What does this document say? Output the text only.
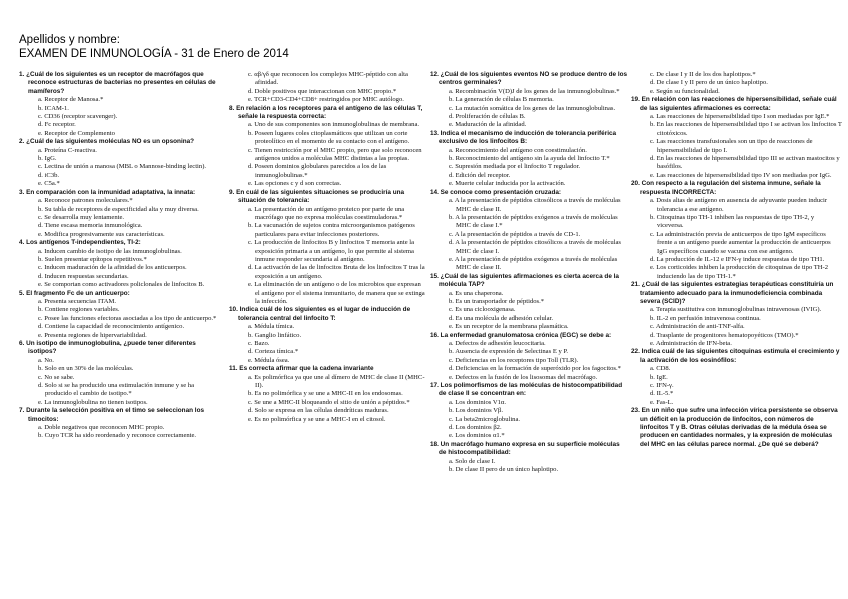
Apellidos y nombre:
EXAMEN DE INMUNOLOGÍA - 31 de Enero de 2014
1. ¿Cuál de los siguientes es un receptor de macrófagos que reconoce estructuras de bacterias no presentes en células de mamíferos?
a. Receptor de Manosa.*
b. ICAM-1.
c. CD36 (receptor scavenger).
d. Fc receptor.
e. Receptor de Complemento
2. ¿Cuál de las siguientes moléculas NO es un opsonina?
a. Proteína C-reactiva.
b. IgG.
c. Lectina de unión a manosa (MBL o Mannose-binding lectin).
d. iC3b.
e. C5a.*
3. En comparación con la inmunidad adaptativa, la innata:
a. Reconoce patrones moleculares.*
b. Su tabla de receptores de especificidad alta y muy diversa.
c. Se desarrolla muy lentamente.
d. Tiene escasa memoria inmunológica.
e. Modifica progresivamente sus características.
4. Los antígenos T-independientes, TI-2:
a. Inducen cambio de isotipo de las inmunoglobulinas.
b. Suelen presentar epítopos repetitivos.*
c. Inducen maduración de la afinidad de los anticuerpos.
d. Inducen respuestas secundarias.
e. Se comportan como activadores policlonales de linfocitos B.
5. El fragmento Fc de un anticuerpo:
a. Presenta secuencias ITAM.
b. Contiene regiones variables.
c. Posee las funciones efectoras asociadas a los tipo de anticuerpo.*
d. Contiene la capacidad de reconocimiento antígenico.
e. Presenta regiones de hipervariabilidad.
6. Un isotipo de inmunoglobulina, ¿puede tener diferentes isotipos?
a. No.
b. Solo en un 30% de las moléculas.
c. No se sabe.
d. Solo si se ha producido una estimulación inmune y se ha producido el cambio de isotipo.*
e. La inmunoglobulina no tienen isotipos.
7. Durante la selección positiva en el timo se seleccionan los timocitos:
a. Doble negativos que reconocen MHC propio.
b. Cuyo TCR ha sido reordenado y reconoce correctamente.
c. αβ/γδ que reconocen los complejos MHC-péptido con alta afinidad.
d. Doble positivos que interaccionan con MHC propio.*
e. TCR+CD3-CD4+CD8+ restringidos por MHC autólogo.
8. En relación a los receptores para el antígeno de las células T, señale la respuesta correcta:
a. Uno de sus componentes son inmunoglobulinas de membrana.
b. Poseen lugares coles citoplasmáticos que utilizan un corte proteolítico en el momento de su contacto con el antígeno.
c. Tienen restricción por el MHC propio, pero que solo reconocen antígenos unidos a moléculas MHC distintas a las propias.
d. Poseen dominios globulares parecidos a los de las inmunoglobulinas.*
e. Las opciones c y d son correctas.
9. En cuál de las siguientes situaciones se produciría una situación de tolerancia:
a. La presentación de un antígeno proteico por parte de una macrófago que no expresa moléculas coestimuladoras.*
b. La vacunación de sujetos contra microorganismos patógenos particulares para evitar infecciones posteriores.
c. La producción de linfocitos B y linfocitos T memoria ante la exposición primaria a un antígeno, lo que permite al sistema inmune responder secundaria al antígeno.
d. La activación de las de linfocitos Bruta de los linfocitos T tras la exposición a un antígeno.
e. La eliminación de un antígeno o de los microbios que expresan el antígeno por el sistema inmunitario, de manera que se extinga la infección.
10. Indica cuál de los siguientes es el lugar de inducción de tolerancia central del linfocito T:
a. Médula tímica.
b. Ganglio linfático.
c. Bazo.
d. Corteza tímica.*
e. Médula ósea.
11. Es correcta afirmar que la cadena invariante
a. Es polimórfica ya que une al dímero de MHC de clase II (MHC-II).
b. Es no polimórfica y se une a MHC-II en los endosomas.
c. Se une a MHC-II bloqueando el sitio de unión a péptidos.*
d. Solo se expresa en las células dendríticas maduras.
e. Es no polimórfica y se une a MHC-I en el citosol.
12. ¿Cuál de los siguientes eventos NO se produce dentro de los centros germinales?
a. Recombinación V(D)J de los genes de las inmunoglobulinas.*
b. La generación de células B memoria.
c. La mutación somática de los genes de las inmunoglobulinas.
d. Proliferación de células B.
e. Maduración de la afinidad.
13. Indica el mecanismo de inducción de tolerancia periférica exclusivo de los linfocitos B:
a. Reconocimiento del antígeno con coestimulación.
b. Reconocimiento del antígeno sin la ayuda del linfocito T.*
c. Supresión mediada por el linfocito T regulador.
d. Edición del receptor.
e. Muerte celular inducida por la activación.
14. Se conoce como presentación cruzada:
a. A la presentación de péptidos citosólicos a través de moléculas MHC de clase II.
b. A la presentación de péptidos exógenos a través de moléculas MHC de clase I.*
c. A la presentación de péptidos a través de CD-1.
d. A la presentación de péptidos citosólicos a través de moléculas MHC de clase I.
e. A la presentación de péptidos exógenos a través de moléculas MHC de clase II.
15. ¿Cuál de las siguientes afirmaciones es cierta acerca de la molécula TAP?
a. Es una chaperona.
b. Es un transportador de péptidos.*
c. Es una ciclooxigenasa.
d. Es una molécula de adhesión celular.
e. Es un receptor de la membrana plasmática.
16. La enfermedad granulomatosa crónica (EGC) se debe a:
a. Defectos de adhesión leucocitaria.
b. Ausencia de expresión de Selectinas E y P.
c. Deficiencias en los receptores tipo Toll (TLR).
d. Deficiencias en la formación de superóxido por los fagocitos.*
e. Defectos en la fusión de los lisosomas del macrófago.
17. Los polimorfismos de las moléculas de histocompatibilidad de clase II se concentran en:
a. Los dominios V1α.
b. Los dominios Vβ.
c. La beta2microglobulina.
d. Los dominios β2.
e. Los dominios α1.*
18. Un macrófago humano expresa en su superficie moléculas de histocompatibilidad:
a. Solo de clase I.
b. De clase II pero de un único haplotipo.
c. De clase I y II de los dos haplotipos.*
d. De clase I y II pero de un único haplotipo.
e. Según su funcionalidad.
19. En relación con las reacciones de hipersensibilidad, señale cuál de las siguientes afirmaciones es correcta:
a. Las reacciones de hipersensibilidad tipo I son mediadas por IgE.*
b. En las reacciones de hipersensibilidad tipo I se activan los linfocitos T citotóxicos.
c. Las reacciones transfusionales son un tipo de reacciones de hipersensibilidad de tipo I.
d. En las reacciones de hipersensibilidad tipo III se activan mastocitos y basófilos.
e. Las reacciones de hipersensibilidad tipo IV son mediadas por IgG.
20. Con respecto a la regulación del sistema inmune, señale la respuesta INCORRECTA:
a. Dosis altas de antígeno en ausencia de adyuvante pueden inducir tolerancia a ese antígeno.
b. Citoquinas tipo TH-1 inhiben las respuestas de tipo TH-2, y viceversa.
c. La administración previa de anticuerpos de tipo IgM específicos frente a un antígeno puede aumentar la producción de anticuerpos IgG específicos cuando se vacuna con ese antígeno.
d. La producción de IL-12 e IFN-γ induce respuestas de tipo TH1.
e. Los corticoides inhiben la producción de citoquinas de tipo TH-2 induciendo las de tipo TH-1.*
21. ¿Cuál de las siguientes estrategias terapéuticas constituiría un tratamiento adecuado para la inmunodeficiencia combinada severa (SCID)?
a. Terapia sustitutiva con inmunoglobulinas intravenosas (IVIG).
b. IL-2 en perfusión intravenosa continua.
c. Administración de anti-TNF-alfa.
d. Trasplante de progenitores hematopoyéticos (TMO).*
e. Administración de IFN-beta.
22. Indica cuál de las siguientes citoquinas estimula el crecimiento y la activación de los eosinófilos:
a. CD8.
b. IgE.
c. IFN-γ.
d. IL-5.*
e. Fas-L.
23. En un niño que sufre una infección vírica persistente se observa un déficit en la producción de linfocitos, con números de linfocitos T y B. Otras células derivadas de la médula ósea se producen en cantidades normales, y la expresión de moléculas del MHC en las células parece normal. ¿De qué se deberá?
